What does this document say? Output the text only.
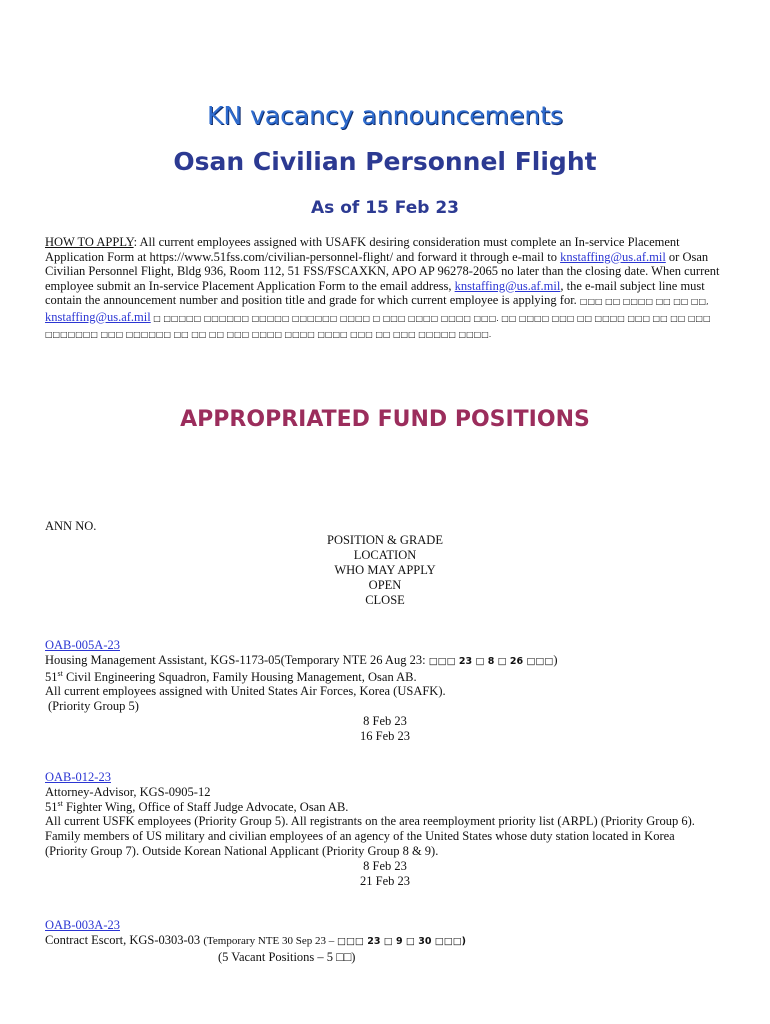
KN vacancy announcements
Osan Civilian Personnel Flight
As of 15 Feb 23
HOW TO APPLY: All current employees assigned with USAFK desiring consideration must complete an In-service Placement Application Form at https://www.51fss.com/civilian-personnel-flight/ and forward it through e-mail to knstaffing@us.af.mil or Osan Civilian Personnel Flight, Bldg 936, Room 112, 51 FSS/FSCAXKN, APO AP 96278-2065 no later than the closing date. When current employee submit an In-service Placement Application Form to the email address, knstaffing@us.af.mil, the e-mail subject line must contain the announcement number and position title and grade for which current employee is applying for. □□□ □□ □□□□ □□ □□ □□, knstaffing@us.af.mil □ □□□□□ □□□□□□ □□□□□ □□□□□□ □□□□ □ □□□ □□□□ □□□□ □□□. □□ □□□□ □□□ □□ □□□□ □□□ □□ □□ □□□ □□□□□□□ □□□ □□□□□□ □□ □□ □□ □□□ □□□□ □□□□ □□□□ □□□ □□ □□□ □□□□□ □□□□.
APPROPRIATED FUND POSITIONS
ANN NO.
POSITION & GRADE
LOCATION
WHO MAY APPLY
OPEN
CLOSE
OAB-005A-23
Housing Management Assistant, KGS-1173-05(Temporary NTE 26 Aug 23: □□□ 23 □ 8 □ 26 □□□)
51st Civil Engineering Squadron, Family Housing Management, Osan AB.
All current employees assigned with United States Air Forces, Korea (USAFK).
(Priority Group 5)
8 Feb 23
16 Feb 23
OAB-012-23
Attorney-Advisor, KGS-0905-12
51st Fighter Wing, Office of Staff Judge Advocate, Osan AB.
All current USFK employees (Priority Group 5). All registrants on the area reemployment priority list (ARPL) (Priority Group 6).
Family members of US military and civilian employees of an agency of the United States whose duty station located in Korea
(Priority Group 7). Outside Korean National Applicant (Priority Group 8 & 9).
8 Feb 23
21 Feb 23
OAB-003A-23
Contract Escort, KGS-0303-03 (Temporary NTE 30 Sep 23 – □□□ 23 □ 9 □ 30 □□□)
(5 Vacant Positions – 5 □□)
